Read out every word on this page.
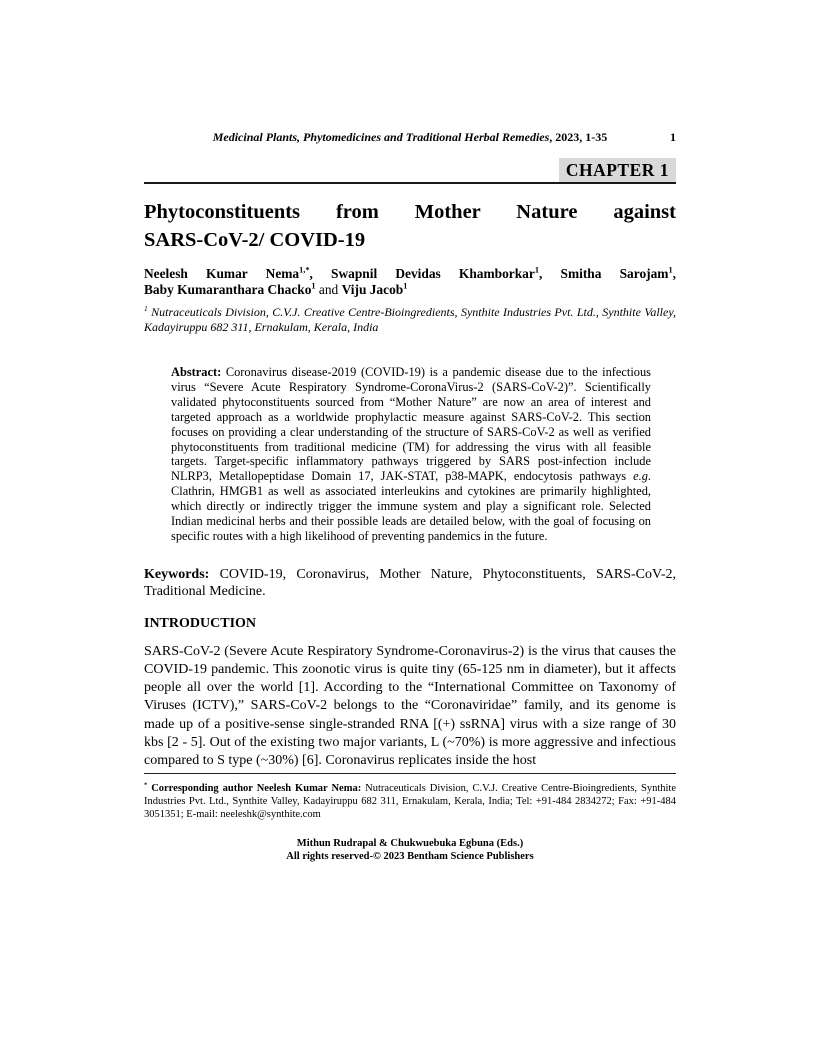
Medicinal Plants, Phytomedicines and Traditional Herbal Remedies, 2023, 1-35	1
CHAPTER 1
Phytoconstituents from Mother Nature against
SARS-CoV-2/ COVID-19
Neelesh Kumar Nema$^{1,*}$, Swapnil Devidas Khamborkar$^1$, Smitha Sarojam$^1$,
Baby Kumaranthara Chacko$^1$ and Viju Jacob$^1$

$^1$ Nutraceuticals Division, C.V.J. Creative Centre-Bioingredients, Synthite Industries Pvt. Ltd., Synthite Valley, Kadayiruppu 682 311, Ernakulam, Kerala, India

Abstract: Coronavirus disease-2019 (COVID-19) is a pandemic disease due to the infectious virus “Severe Acute Respiratory Syndrome-CoronaVirus-2 (SARS-CoV-2)”. Scientifically validated phytoconstituents sourced from “Mother Nature” are now an area of interest and targeted approach as a worldwide prophylactic measure against SARS-CoV-2. This section focuses on providing a clear understanding of the structure of SARS-CoV-2 as well as verified phytoconstituents from traditional medicine (TM) for addressing the virus with all feasible targets. Target-specific inflammatory pathways triggered by SARS post-infection include NLRP3, Metallopeptidase Domain 17, JAK-STAT, p38-MAPK, endocytosis pathways e.g. Clathrin, HMGB1 as well as associated interleukins and cytokines are primarily highlighted, which directly or indirectly trigger the immune system and play a significant role. Selected Indian medicinal herbs and their possible leads are detailed below, with the goal of focusing on specific routes with a high likelihood of preventing pandemics in the future.

Keywords: COVID-19, Coronavirus, Mother Nature, Phytoconstituents, SARS-CoV-2, Traditional Medicine.

INTRODUCTION

SARS-CoV-2 (Severe Acute Respiratory Syndrome-Coronavirus-2) is the virus that causes the COVID-19 pandemic. This zoonotic virus is quite tiny (65-125 nm in diameter), but it affects people all over the world [1]. According to the “International Committee on Taxonomy of Viruses (ICTV),” SARS-CoV-2 belongs to the “Coronaviridae” family, and its genome is made up of a positive-sense single-stranded RNA [(+) ssRNA] virus with a size range of 30 kbs [2 - 5]. Out of the existing two major variants, L (~70%) is more aggressive and infectious compared to S type (~30%) [6]. Coronavirus replicates inside the host

* Corresponding author Neelesh Kumar Nema: Nutraceuticals Division, C.V.J. Creative Centre-Bioingredients, Synthite Industries Pvt. Ltd., Synthite Valley, Kadayiruppu 682 311, Ernakulam, Kerala, India; Tel: +91-484 2834272; Fax: +91-484 3051351; E-mail: neeleshk@synthite.com

Mithun Rudrapal & Chukwuebuka Egbuna (Eds.)
All rights reserved-© 2023 Bentham Science Publishers
